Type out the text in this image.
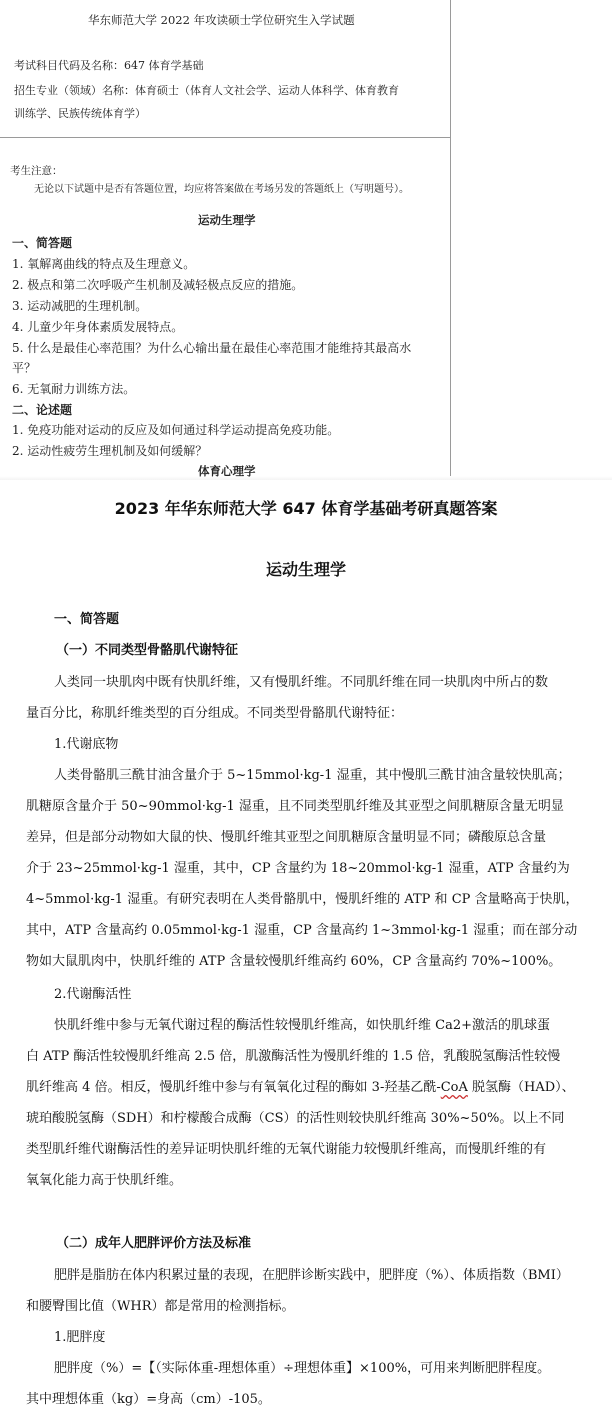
华东师范大学 2022 年攻读硕士学位研究生入学试题
考试科目代码及名称：647 体育学基础
招生专业（领域）名称：体育硕士（体育人文社会学、运动人体科学、体育教育
训练学、民族传统体育学）
考生注意：
无论以下试题中是否有答题位置，均应将答案做在考场另发的答题纸上（写明题号）。
运动生理学
一、简答题
1. 氧解离曲线的特点及生理意义。
2. 极点和第二次呼吸产生机制及减轻极点反应的措施。
3. 运动减肥的生理机制。
4. 儿童少年身体素质发展特点。
5. 什么是最佳心率范围？为什么心输出量在最佳心率范围才能维持其最高水
平？
6. 无氧耐力训练方法。
二、论述题
1. 免疫功能对运动的反应及如何通过科学运动提高免疫功能。
2. 运动性疲劳生理机制及如何缓解？
体育心理学
2023 年华东师范大学 647 体育学基础考研真题答案
运动生理学
一、简答题
（一）不同类型骨骼肌代谢特征
人类同一块肌肉中既有快肌纤维，又有慢肌纤维。不同肌纤维在同一块肌肉中所占的数
量百分比，称肌纤维类型的百分组成。不同类型骨骼肌代谢特征：
1.代谢底物
人类骨骼肌三酰甘油含量介于 5~15mmol·kg-1 湿重，其中慢肌三酰甘油含量较快肌高；
肌糖原含量介于 50~90mmol·kg-1 湿重，且不同类型肌纤维及其亚型之间肌糖原含量无明显
差异，但是部分动物如大鼠的快、慢肌纤维其亚型之间肌糖原含量明显不同；磷酸原总含量
介于 23~25mmol·kg-1 湿重，其中，CP 含量约为 18~20mmol·kg-1 湿重，ATP 含量约为
4~5mmol·kg-1 湿重。有研究表明在人类骨骼肌中，慢肌纤维的 ATP 和 CP 含量略高于快肌，
其中，ATP 含量高约 0.05mmol·kg-1 湿重，CP 含量高约 1~3mmol·kg-1 湿重；而在部分动
物如大鼠肌肉中，快肌纤维的 ATP 含量较慢肌纤维高约 60%，CP 含量高约 70%~100%。
2.代谢酶活性
快肌纤维中参与无氧代谢过程的酶活性较慢肌纤维高，如快肌纤维 Ca2+激活的肌球蛋
白 ATP 酶活性较慢肌纤维高 2.5 倍，肌激酶活性为慢肌纤维的 1.5 倍，乳酸脱氢酶活性较慢
肌纤维高 4 倍。相反，慢肌纤维中参与有氧氧化过程的酶如 3-羟基乙酰-CoA 脱氢酶（HAD）、
琥珀酸脱氢酶（SDH）和柠檬酸合成酶（CS）的活性则较快肌纤维高 30%~50%。以上不同
类型肌纤维代谢酶活性的差异证明快肌纤维的无氧代谢能力较慢肌纤维高，而慢肌纤维的有
氧氧化能力高于快肌纤维。
（二）成年人肥胖评价方法及标准
肥胖是脂肪在体内积累过量的表现，在肥胖诊断实践中，肥胖度（%）、体质指数（BMI）
和腰臀围比值（WHR）都是常用的检测指标。
1.肥胖度
肥胖度（%）=【（实际体重-理想体重）÷理想体重】×100%，可用来判断肥胖程度。
其中理想体重（kg）=身高（cm）-105。
